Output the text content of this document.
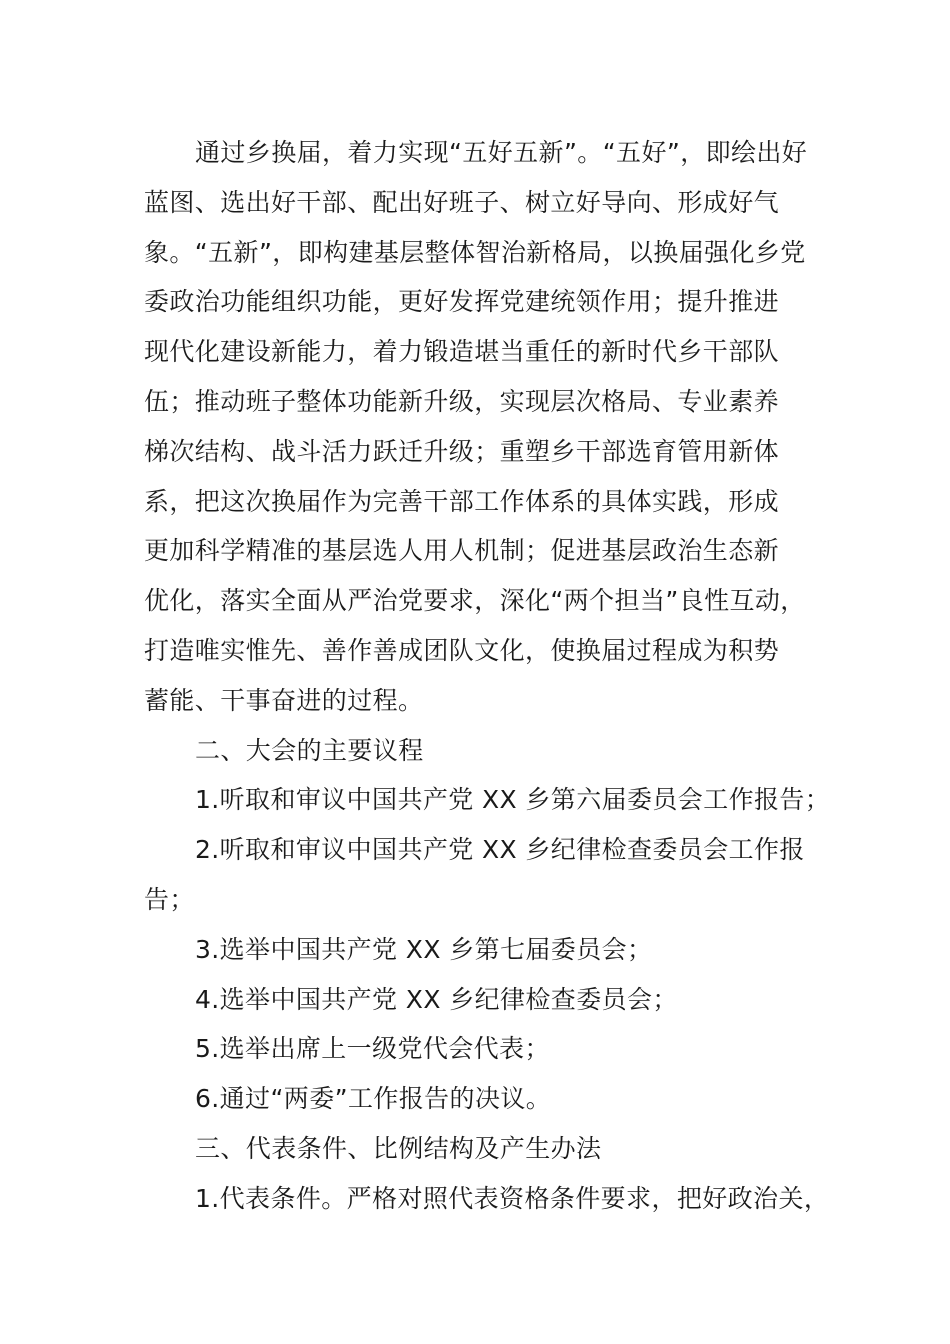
通过乡换届，着力实现“五好五新”。“五好”，即绘出好
蓝图、选出好干部、配出好班子、树立好导向、形成好气
象。“五新”，即构建基层整体智治新格局，以换届强化乡党
委政治功能组织功能，更好发挥党建统领作用；提升推进
现代化建设新能力，着力锻造堪当重任的新时代乡干部队
伍；推动班子整体功能新升级，实现层次格局、专业素养
梯次结构、战斗活力跃迁升级；重塑乡干部选育管用新体
系，把这次换届作为完善干部工作体系的具体实践，形成
更加科学精准的基层选人用人机制；促进基层政治生态新
优化，落实全面从严治党要求，深化“两个担当”良性互动，
打造唯实惟先、善作善成团队文化，使换届过程成为积势
蓄能、干事奋进的过程。
二、大会的主要议程
1.听取和审议中国共产党 XX 乡第六届委员会工作报告；
2.听取和审议中国共产党 XX 乡纪律检查委员会工作报
告；
3.选举中国共产党 XX 乡第七届委员会；
4.选举中国共产党 XX 乡纪律检查委员会；
5.选举出席上一级党代会代表；
6.通过“两委”工作报告的决议。
三、代表条件、比例结构及产生办法
1.代表条件。严格对照代表资格条件要求，把好政治关，
